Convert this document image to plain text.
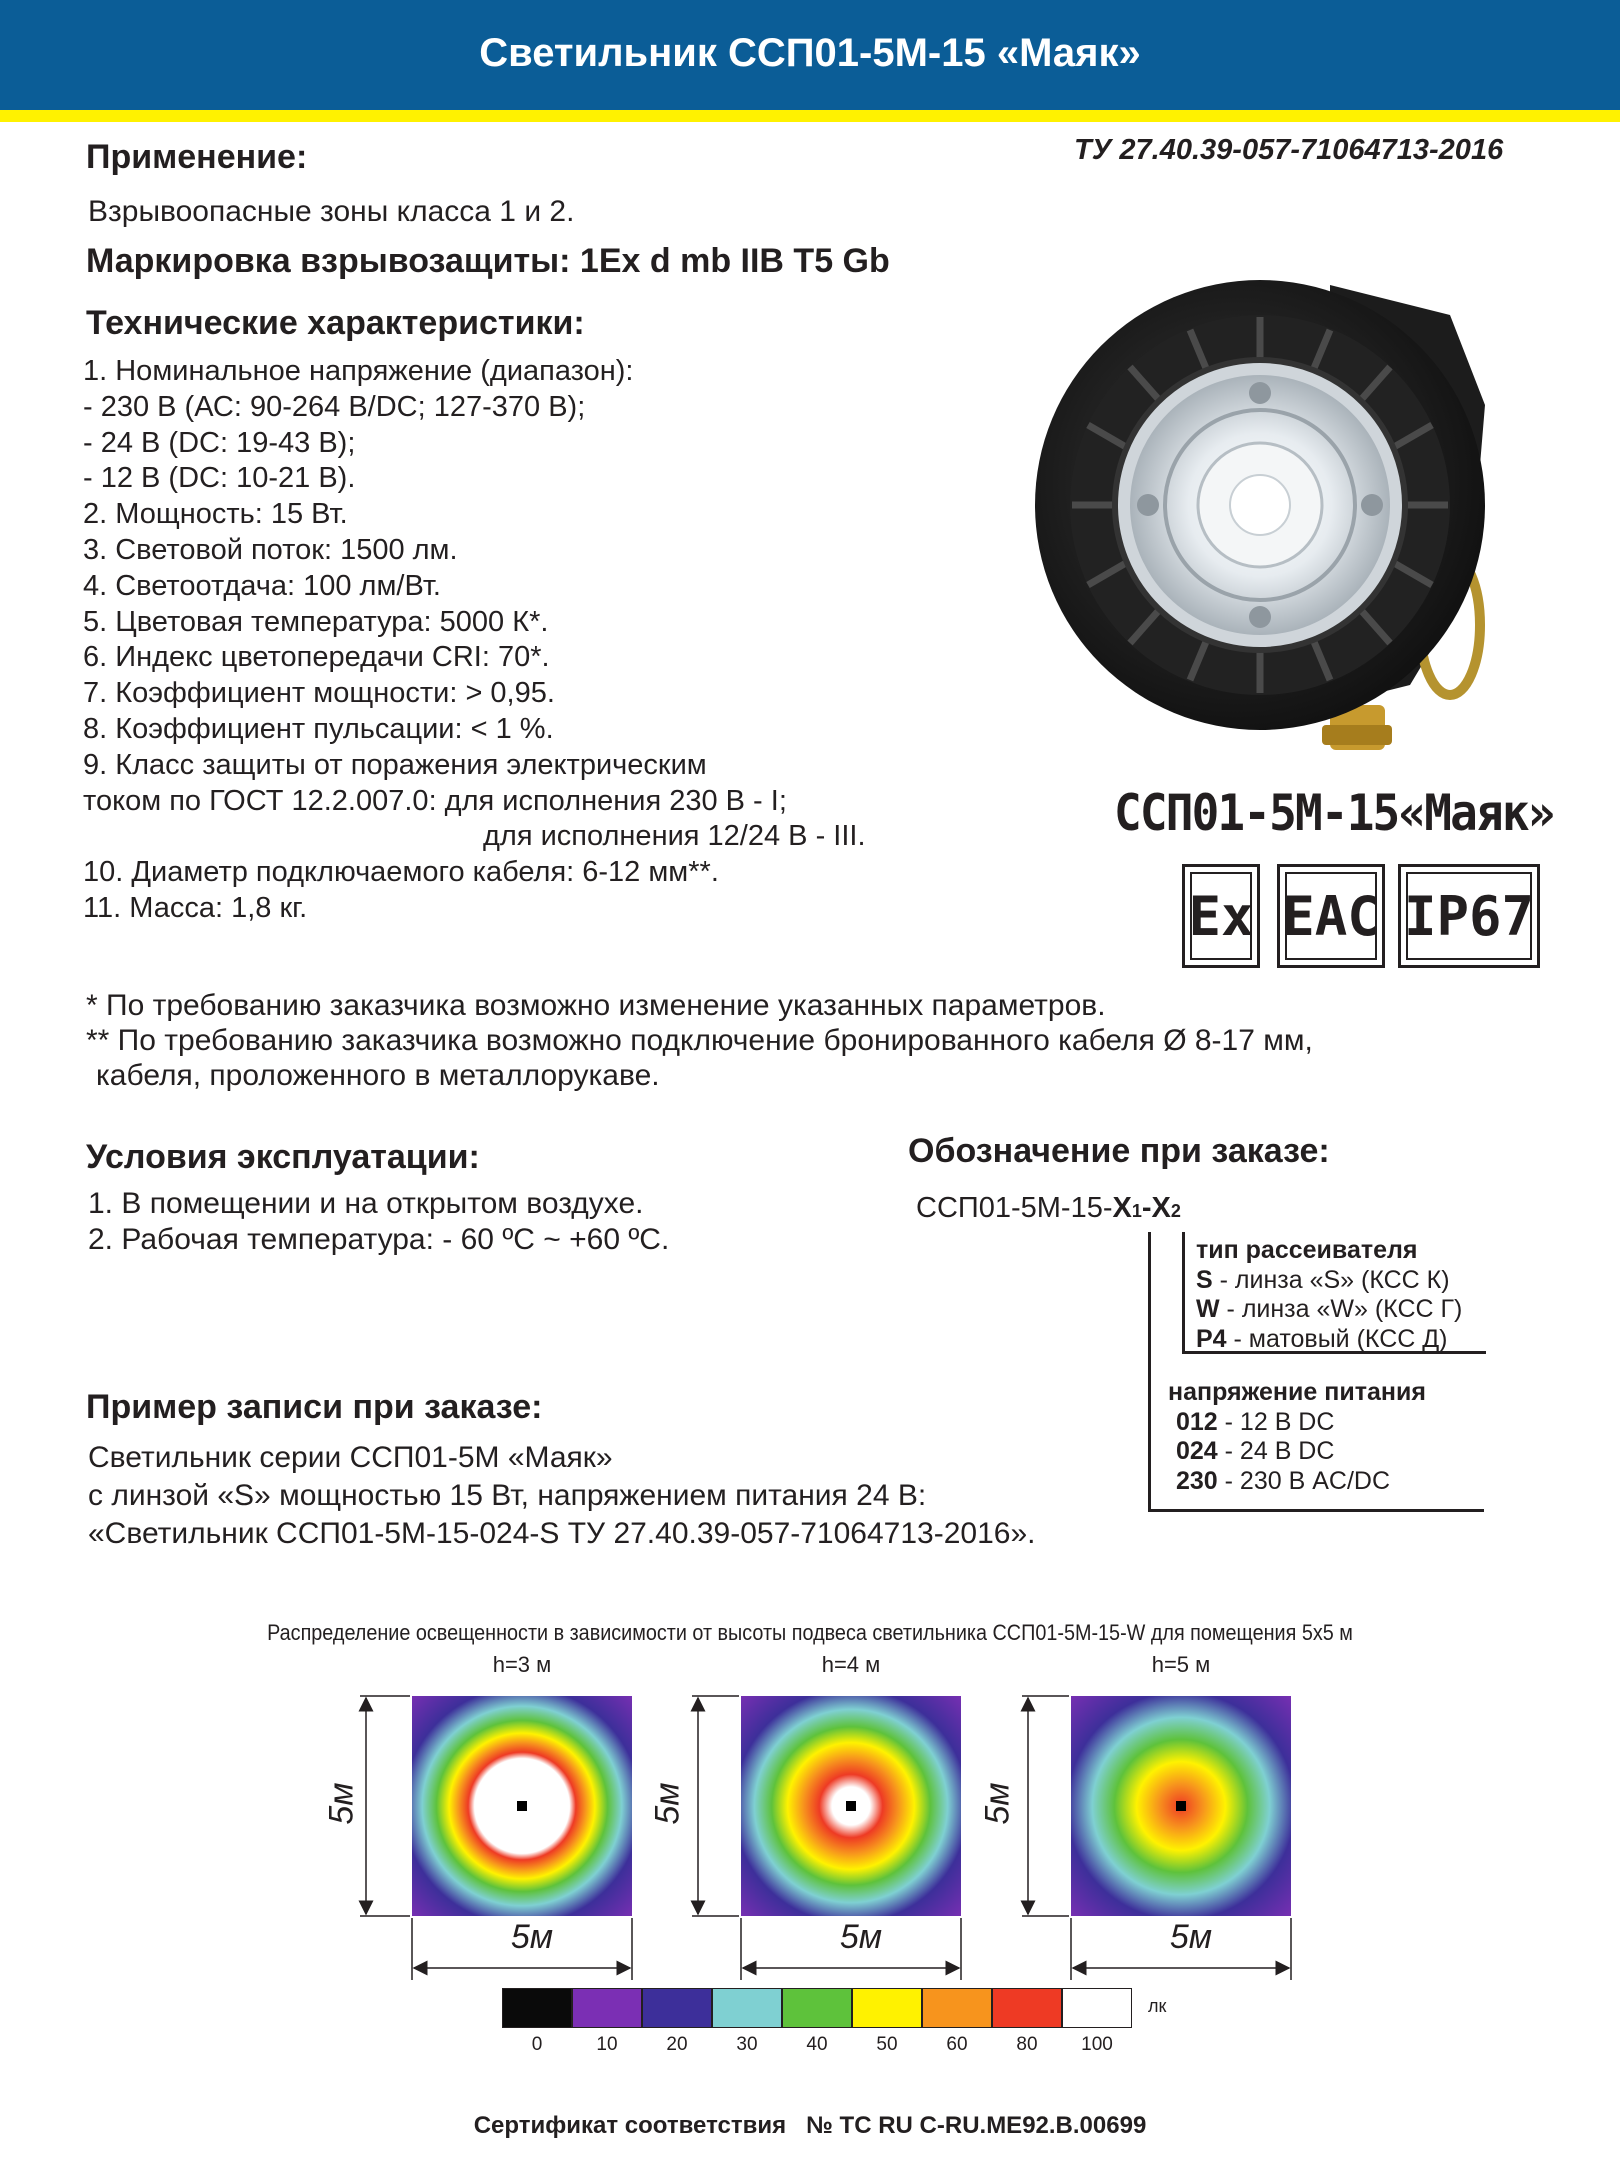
Светильник ССП01-5М-15 «Маяк»
ТУ 27.40.39-057-71064713-2016
Применение:
Взрывоопасные зоны класса 1 и 2.
Маркировка взрывозащиты: 1Ex d mb IIB T5 Gb
Технические характеристики:
1. Номинальное напряжение (диапазон):
- 230 В (АС: 90-264 В/DC; 127-370 В);
- 24 В (DC: 19-43 В);
- 12 В (DC: 10-21 В).
2. Мощность: 15 Вт.
3. Световой поток: 1500 лм.
4. Светоотдача: 100 лм/Вт.
5. Цветовая температура: 5000 К*.
6. Индекс цветопередачи CRI: 70*.
7. Коэффициент мощности: > 0,95.
8. Коэффициент пульсации: < 1 %.
9. Класс защиты от поражения электрическим
током по ГОСТ 12.2.007.0: для исполнения 230 В - I;
для исполнения 12/24 В - III.
10. Диаметр подключаемого кабеля: 6-12 мм**.
11. Масса: 1,8 кг.
ССП01-5М-15«Маяк»
Ex EAC IP67
* По требованию заказчика возможно изменение указанных параметров.
** По требованию заказчика возможно подключение бронированного кабеля Ø 8-17 мм,
кабеля, проложенного в металлорукаве.
Условия эксплуатации:
1. В помещении и на открытом воздухе.
2. Рабочая температура: - 60 ºС ~ +60 ºС.
Обозначение при заказе:
ССП01-5М-15-X1-X2
тип рассеивателя
S - линза «S» (КСС К)
W - линза «W» (КСС Г)
P4 - матовый (КСС Д)
напряжение питания
012 - 12 В DC
024 - 24 В DC
230 - 230 В AC/DC
Пример записи при заказе:
Светильник серии ССП01-5М «Маяк»
с линзой «S» мощностью 15 Вт, напряжением питания 24 В:
«Светильник ССП01-5М-15-024-S ТУ 27.40.39-057-71064713-2016».
Распределение освещенности в зависимости от высоты подвеса светильника ССП01-5М-15-W для помещения 5х5 м
h=3 м	h=4 м	h=5 м
5м	5м	5м
5м	5м	5м
лк
0	10	20	30	40	50	60	80	100
Сертификат соответствия   № ТС RU C-RU.ME92.B.00699
